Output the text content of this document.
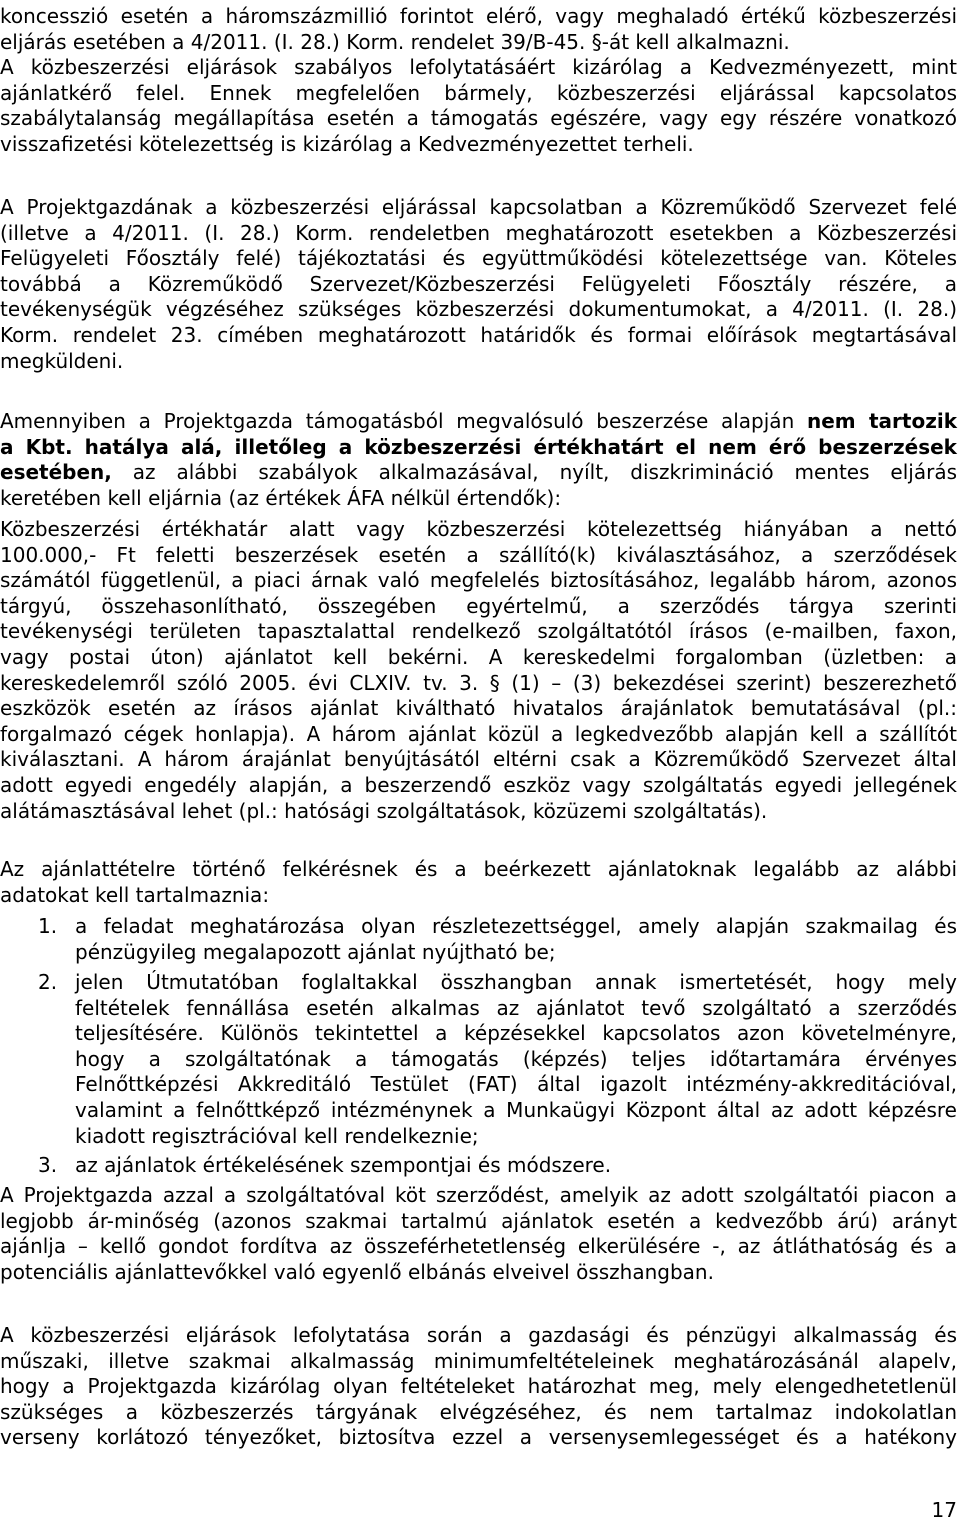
koncesszió esetén a háromszázmillió forintot elérő, vagy meghaladó értékű közbeszerzési
eljárás esetében a 4/2011. (I. 28.) Korm. rendelet 39/B-45. §-át kell alkalmazni.
A közbeszerzési eljárások szabályos lefolytatásáért kizárólag a Kedvezményezett, mint
ajánlatkérő felel. Ennek megfelelően bármely, közbeszerzési eljárással kapcsolatos
szabálytalanság megállapítása esetén a támogatás egészére, vagy egy részére vonatkozó
visszafizetési kötelezettség is kizárólag a Kedvezményezettet terheli.
A Projektgazdának a közbeszerzési eljárással kapcsolatban a Közreműködő Szervezet felé
(illetve a 4/2011. (I. 28.) Korm. rendeletben meghatározott esetekben a Közbeszerzési
Felügyeleti Főosztály felé) tájékoztatási és együttműködési kötelezettsége van. Köteles
továbbá a Közreműködő Szervezet/Közbeszerzési Felügyeleti Főosztály részére, a
tevékenységük végzéséhez szükséges közbeszerzési dokumentumokat, a 4/2011. (I. 28.)
Korm. rendelet 23. címében meghatározott határidők és formai előírások megtartásával
megküldeni.
Amennyiben a Projektgazda támogatásból megvalósuló beszerzése alapján nem tartozik
a Kbt. hatálya alá, illetőleg a közbeszerzési értékhatárt el nem érő beszerzések
esetében, az alábbi szabályok alkalmazásával, nyílt, diszkrimináció mentes eljárás
keretében kell eljárnia (az értékek ÁFA nélkül értendők):
Közbeszerzési értékhatár alatt vagy közbeszerzési kötelezettség hiányában a nettó
100.000,- Ft feletti beszerzések esetén a szállító(k) kiválasztásához, a szerződések
számától függetlenül, a piaci árnak való megfelelés biztosításához, legalább három, azonos
tárgyú, összehasonlítható, összegében egyértelmű, a szerződés tárgya szerinti
tevékenységi területen tapasztalattal rendelkező szolgáltatótól írásos (e-mailben, faxon,
vagy postai úton) ajánlatot kell bekérni. A kereskedelmi forgalomban (üzletben: a
kereskedelemről szóló 2005. évi CLXIV. tv. 3. § (1) – (3) bekezdései szerint) beszerezhető
eszközök esetén az írásos ajánlat kiváltható hivatalos árajánlatok bemutatásával (pl.:
forgalmazó cégek honlapja). A három ajánlat közül a legkedvezőbb alapján kell a szállítót
kiválasztani. A három árajánlat benyújtásától eltérni csak a Közreműködő Szervezet által
adott egyedi engedély alapján, a beszerzendő eszköz vagy szolgáltatás egyedi jellegének
alátámasztásával lehet (pl.: hatósági szolgáltatások, közüzemi szolgáltatás).
Az ajánlattételre történő felkérésnek és a beérkezett ajánlatoknak legalább az alábbi
adatokat kell tartalmaznia:
1. a feladat meghatározása olyan részletezettséggel, amely alapján szakmailag és
pénzügyileg megalapozott ajánlat nyújtható be;
2. jelen Útmutatóban foglaltakkal összhangban annak ismertetését, hogy mely
feltételek fennállása esetén alkalmas az ajánlatot tevő szolgáltató a szerződés
teljesítésére. Különös tekintettel a képzésekkel kapcsolatos azon követelményre,
hogy a szolgáltatónak a támogatás (képzés) teljes időtartamára érvényes
Felnőttképzési Akkreditáló Testület (FAT) által igazolt intézmény-akkreditációval,
valamint a felnőttképző intézménynek a Munkaügyi Központ által az adott képzésre
kiadott regisztrációval kell rendelkeznie;
3. az ajánlatok értékelésének szempontjai és módszere.
A Projektgazda azzal a szolgáltatóval köt szerződést, amelyik az adott szolgáltatói piacon a
legjobb ár-minőség (azonos szakmai tartalmú ajánlatok esetén a kedvezőbb árú) arányt
ajánlja – kellő gondot fordítva az összeférhetetlenség elkerülésére -, az átláthatóság és a
potenciális ajánlattevőkkel való egyenlő elbánás elveivel összhangban.
A közbeszerzési eljárások lefolytatása során a gazdasági és pénzügyi alkalmasság és
műszaki, illetve szakmai alkalmasság minimumfeltételeinek meghatározásánál alapelv,
hogy a Projektgazda kizárólag olyan feltételeket határozhat meg, mely elengedhetetlenül
szükséges a közbeszerzés tárgyának elvégzéséhez, és nem tartalmaz indokolatlan
verseny korlátozó tényezőket, biztosítva ezzel a versenysemlegességet és a hatékony
17
